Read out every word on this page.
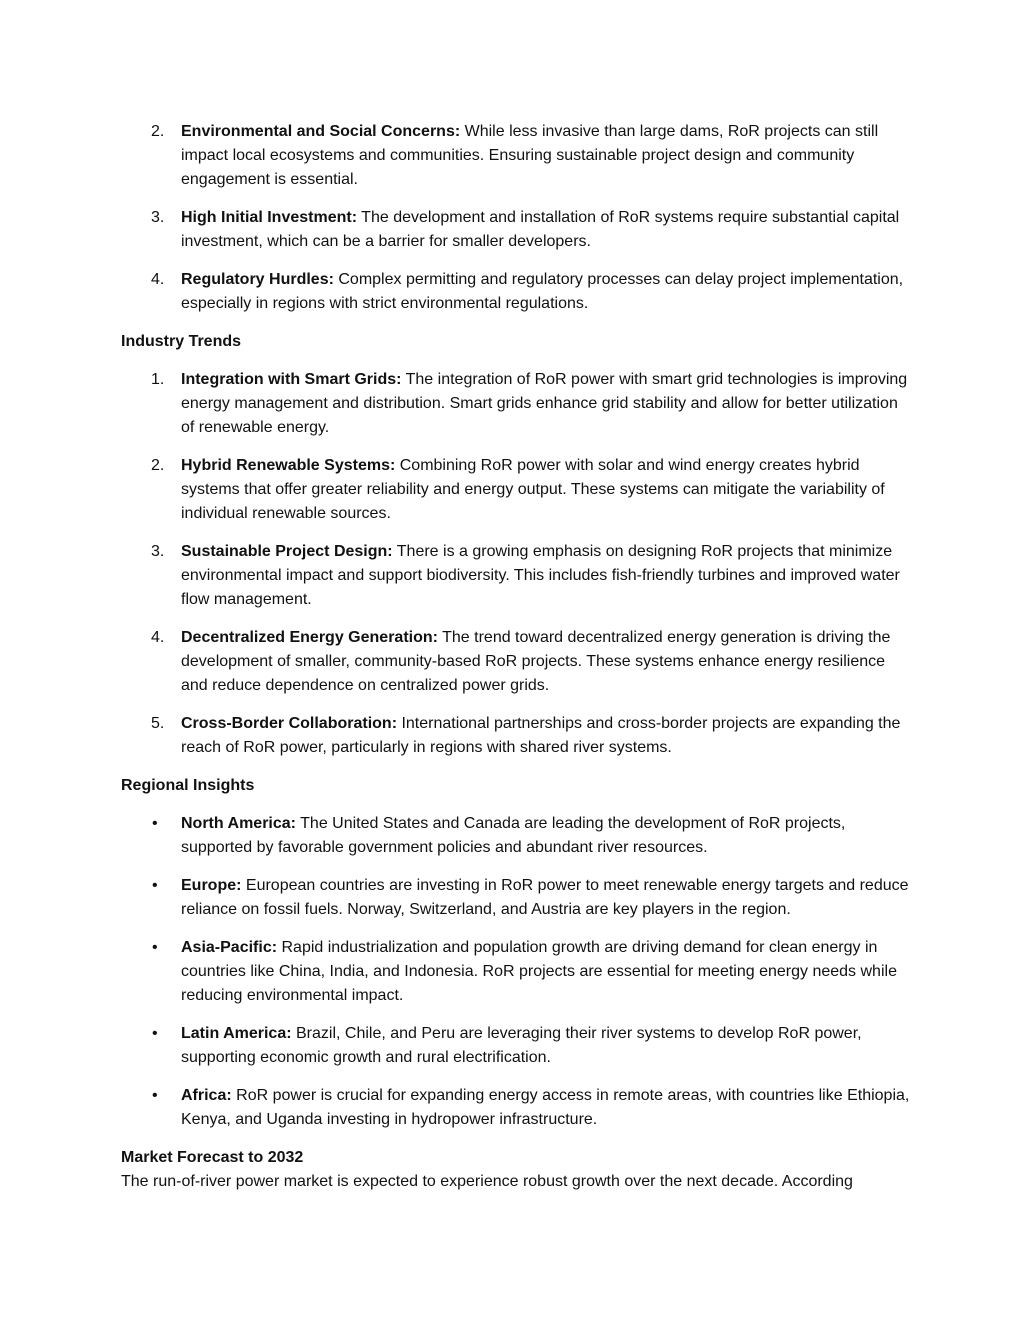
2.	Environmental and Social Concerns: While less invasive than large dams, RoR projects can still impact local ecosystems and communities. Ensuring sustainable project design and community engagement is essential.
3.	High Initial Investment: The development and installation of RoR systems require substantial capital investment, which can be a barrier for smaller developers.
4.	Regulatory Hurdles: Complex permitting and regulatory processes can delay project implementation, especially in regions with strict environmental regulations.
Industry Trends
1.	Integration with Smart Grids: The integration of RoR power with smart grid technologies is improving energy management and distribution. Smart grids enhance grid stability and allow for better utilization of renewable energy.
2.	Hybrid Renewable Systems: Combining RoR power with solar and wind energy creates hybrid systems that offer greater reliability and energy output. These systems can mitigate the variability of individual renewable sources.
3.	Sustainable Project Design: There is a growing emphasis on designing RoR projects that minimize environmental impact and support biodiversity. This includes fish-friendly turbines and improved water flow management.
4.	Decentralized Energy Generation: The trend toward decentralized energy generation is driving the development of smaller, community-based RoR projects. These systems enhance energy resilience and reduce dependence on centralized power grids.
5.	Cross-Border Collaboration: International partnerships and cross-border projects are expanding the reach of RoR power, particularly in regions with shared river systems.
Regional Insights
• North America: The United States and Canada are leading the development of RoR projects, supported by favorable government policies and abundant river resources.
• Europe: European countries are investing in RoR power to meet renewable energy targets and reduce reliance on fossil fuels. Norway, Switzerland, and Austria are key players in the region.
• Asia-Pacific: Rapid industrialization and population growth are driving demand for clean energy in countries like China, India, and Indonesia. RoR projects are essential for meeting energy needs while reducing environmental impact.
• Latin America: Brazil, Chile, and Peru are leveraging their river systems to develop RoR power, supporting economic growth and rural electrification.
• Africa: RoR power is crucial for expanding energy access in remote areas, with countries like Ethiopia, Kenya, and Uganda investing in hydropower infrastructure.
Market Forecast to 2032

The run-of-river power market is expected to experience robust growth over the next decade. According
